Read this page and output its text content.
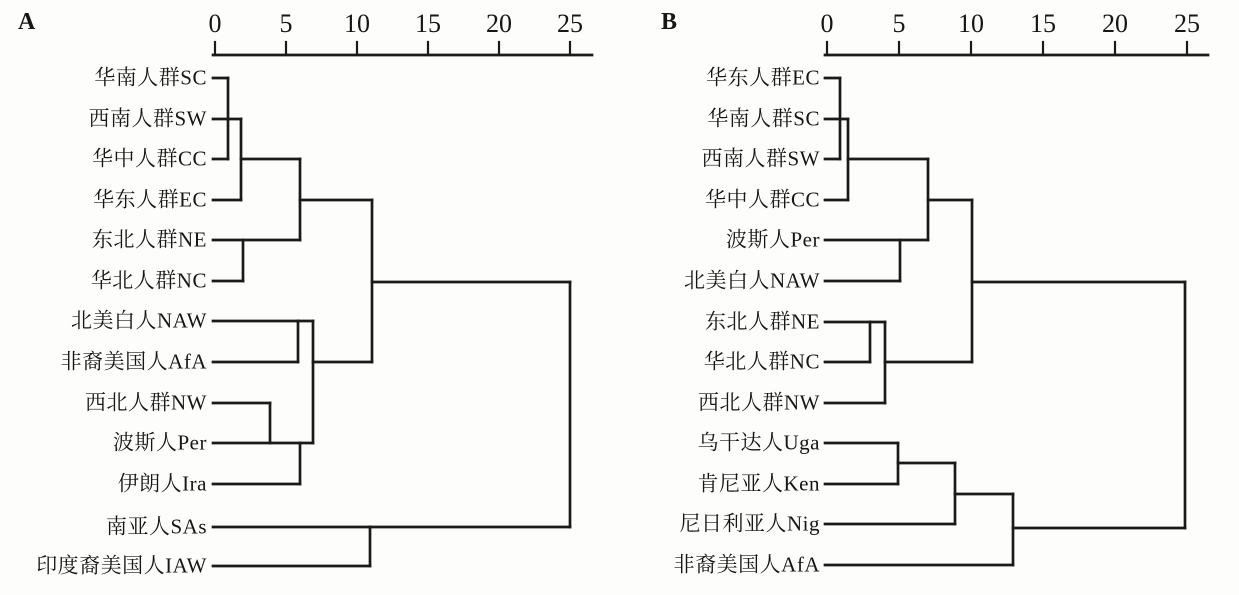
A	0 5 10 15 20 25
华南人群SC
西南人群SW
华中人群CC
华东人群EC
东北人群NE
华北人群NC
北美白人NAW
非裔美国人AfA
西北人群NW
波斯人Per
伊朗人Ira
南亚人SAs
印度裔美国人IAW
B	0 5 10 15 20 25
华东人群EC
华南人群SC
西南人群SW
华中人群CC
波斯人Per
北美白人NAW
东北人群NE
华北人群NC
西北人群NW
乌干达人Uga
肯尼亚人Ken
尼日利亚人Nig
非裔美国人AfA
